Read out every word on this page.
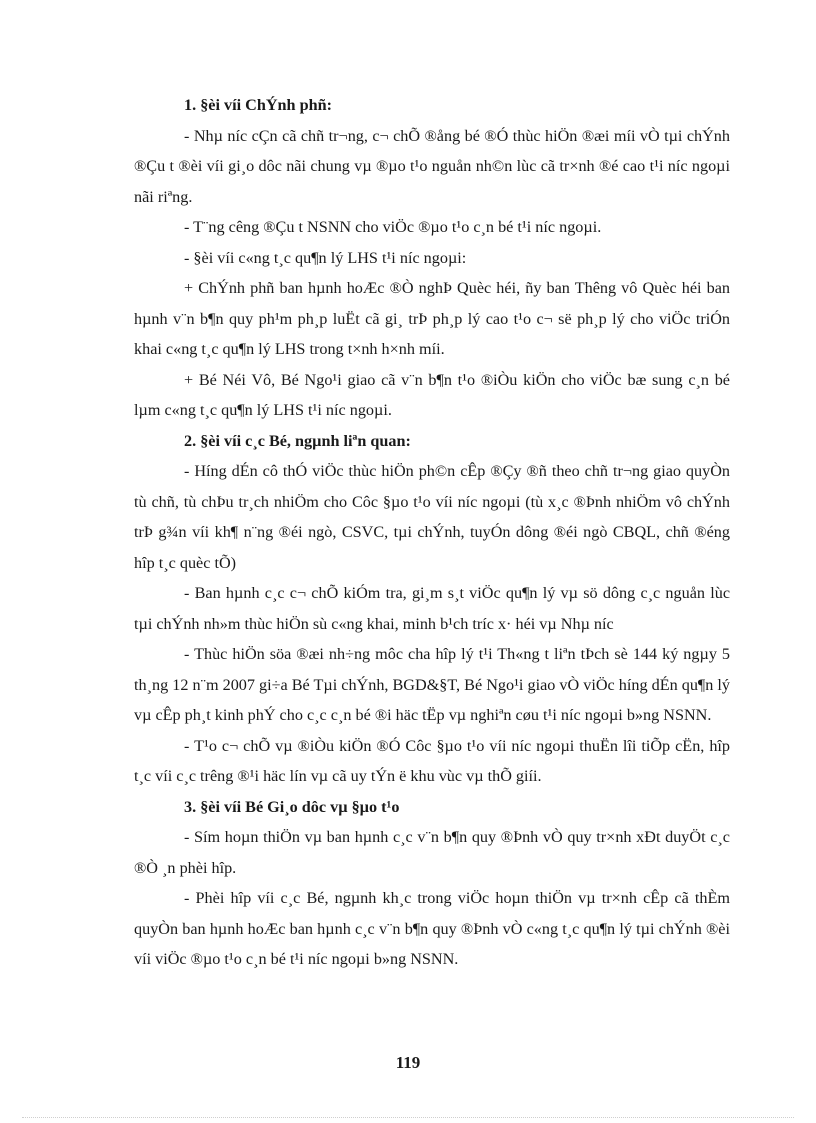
1. §èi víi ChÝnh phñ:

- Nhµ níc cÇn cã chñ tr¬ng, c¬ chÕ ®ång bé ®Ó thùc hiÖn ®æi míi vÒ tµi chÝnh ®Çu t ®èi víi gi¸o dôc nãi chung vµ ®µo t¹o nguån nh©n lùc cã tr×nh ®é cao t¹i níc ngoµi nãi riªng.

- T¨ng cêng ®Çu t NSNN cho viÖc ®µo t¹o c¸n bé t¹i níc ngoµi.

- §èi víi c«ng t¸c qu¶n lý LHS t¹i níc ngoµi:

+ ChÝnh phñ ban hµnh hoÆc ®Ò nghÞ Quèc héi, ñy ban Thêng vô Quèc héi ban hµnh v¨n b¶n quy ph¹m ph¸p luËt cã gi¸ trÞ ph¸p lý cao t¹o c¬ së ph¸p lý cho viÖc triÓn khai c«ng t¸c qu¶n lý LHS trong t×nh h×nh míi.

+ Bé Néi Vô, Bé Ngo¹i giao cã v¨n b¶n t¹o ®iÒu kiÖn cho viÖc bæ sung c¸n bé lµm c«ng t¸c qu¶n lý LHS t¹i níc ngoµi.

2. §èi víi c¸c Bé, ngµnh liªn quan:

- Híng dÉn cô thÓ viÖc thùc hiÖn ph©n cÊp ®Çy ®ñ theo chñ tr¬ng giao quyÒn tù chñ, tù chÞu tr¸ch nhiÖm cho Côc §µo t¹o víi níc ngoµi (tù x¸c ®Þnh nhiÖm vô chÝnh trÞ g¾n víi kh¶ n¨ng ®éi ngò, CSVC, tµi chÝnh, tuyÓn dông ®éi ngò CBQL, chñ ®éng hîp t¸c quèc tÕ)

- Ban hµnh c¸c c¬ chÕ kiÓm tra, gi¸m s¸t viÖc qu¶n lý vµ sö dông c¸c nguån lùc tµi chÝnh nh»m thùc hiÖn sù c«ng khai, minh b¹ch tríc x· héi vµ Nhµ níc

- Thùc hiÖn söa ®æi nh÷ng môc cha hîp lý t¹i Th«ng t liªn tÞch sè 144 ký ngµy 5 th¸ng 12 n¨m 2007 gi÷a Bé Tµi chÝnh, BGD&§T, Bé Ngo¹i giao vÒ viÖc híng dÉn qu¶n lý vµ cÊp ph¸t kinh phÝ cho c¸c c¸n bé ®i häc tËp vµ nghiªn cøu t¹i níc ngoµi b»ng NSNN.

- T¹o c¬ chÕ vµ ®iÒu kiÖn ®Ó Côc §µo t¹o víi níc ngoµi thuËn lîi tiÕp cËn, hîp t¸c víi c¸c trêng ®¹i häc lín vµ cã uy tÝn ë khu vùc vµ thÕ giíi.

3. §èi víi Bé Gi¸o dôc vµ §µo t¹o

- Sím hoµn thiÖn vµ ban hµnh c¸c v¨n b¶n quy ®Þnh vÒ quy tr×nh xÐt duyÖt c¸c ®Ò ¸n phèi hîp.

- Phèi hîp víi c¸c Bé, ngµnh kh¸c trong viÖc hoµn thiÖn vµ tr×nh cÊp cã thÈm quyÒn ban hµnh hoÆc ban hµnh c¸c v¨n b¶n quy ®Þnh vÒ c«ng t¸c qu¶n lý tµi chÝnh ®èi víi viÖc ®µo t¹o c¸n bé t¹i níc ngoµi b»ng NSNN.

119
